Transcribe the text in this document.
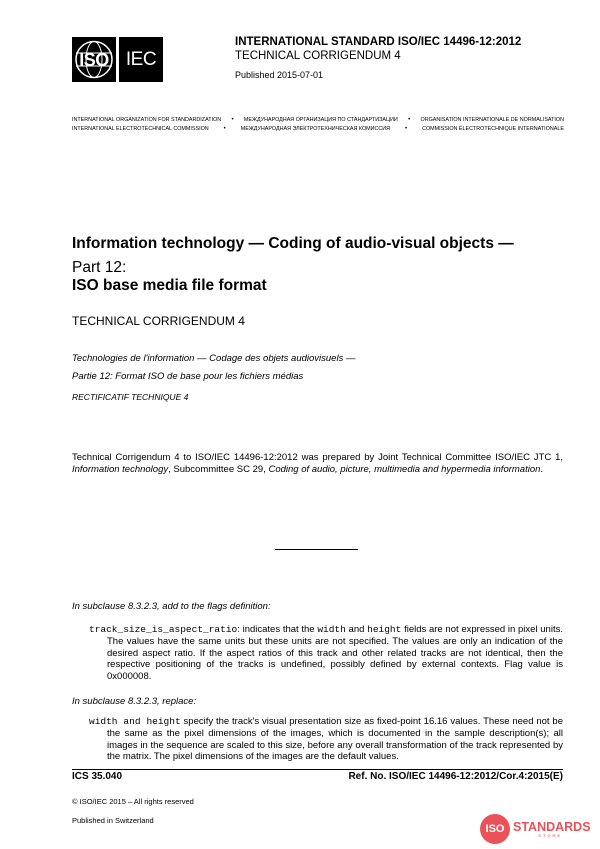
ISO IEC
INTERNATIONAL STANDARD ISO/IEC 14496-12:2012
TECHNICAL CORRIGENDUM 4
Published 2015-07-01
INTERNATIONAL ORGANIZATION FOR STANDARDIZATION • МЕЖДУНАРОДНАЯ ОРГАНИЗАЦИЯ ПО СТАНДАРТИЗАЦИИ • ORGANISATION INTERNATIONALE DE NORMALISATION
INTERNATIONAL ELECTROTECHNICAL COMMISSION •	МЕЖДУНАРОДНАЯ ЭЛЕКТРОТЕХНИЧЕСКАЯ КОМИССИЯ •	COMMISSION ÉLECTROTECHNIQUE INTERNATIONALE
Information technology — Coding of audio-visual objects —
Part 12:
ISO base media file format
TECHNICAL CORRIGENDUM 4
Technologies de l'information — Codage des objets audiovisuels —
Partie 12: Format ISO de base pour les fichiers médias
RECTIFICATIF TECHNIQUE 4
Technical Corrigendum 4 to ISO/IEC 14496-12:2012 was prepared by Joint Technical Committee ISO/IEC JTC 1, Information technology, Subcommittee SC 29, Coding of audio, picture, multimedia and hypermedia information.
In subclause 8.3.2.3, add to the flags definition:
track_size_is_aspect_ratio: indicates that the width and height fields are not expressed in pixel units. The values have the same units but these units are not specified. The values are only an indication of the desired aspect ratio. If the aspect ratios of this track and other related tracks are not identical, then the respective positioning of the tracks is undefined, possibly defined by external contexts. Flag value is 0x000008.
In subclause 8.3.2.3, replace:
width and height specify the track's visual presentation size as fixed-point 16.16 values. These need not be the same as the pixel dimensions of the images, which is documented in the sample description(s); all images in the sequence are scaled to this size, before any overall transformation of the track represented by the matrix. The pixel dimensions of the images are the default values.
ICS 35.040	Ref. No. ISO/IEC 14496-12:2012/Cor.4:2015(E)
© ISO/IEC 2015 – All rights reserved
Published in Switzerland
ISO STANDARDS
STORE
